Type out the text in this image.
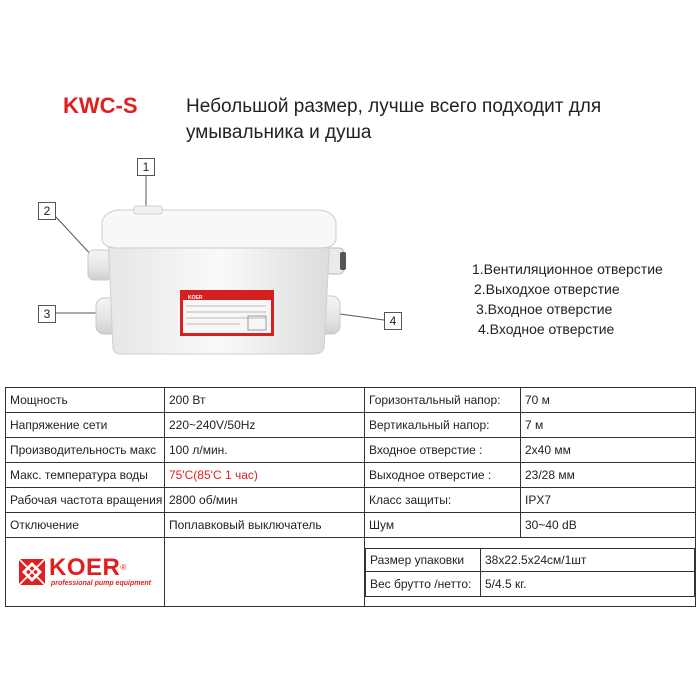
KWC-S	Небольшой размер, лучше всего подходит для
умывальника и душа
KOER
1
2
3	4
1.Вентиляционное отверстие
2.Выходхое отверстие
3.Входное отверстие
4.Входное отверстие
Мощность	200 Вт	Горизонтальный напор:	70 м
Напряжение сети	220~240V/50Hz	Вертикальный напор:	7 м
Производительность макс	100 л/мин.	Входное отверстие :	2x40 мм
Макс. температура воды	75'C(85'C 1 час)	Выходное отверстие :	23/28 мм
Рабочая частота вращения	2800 об/мин	Класс защиты:	IPX7
Отключение	Поплавковый выключатель	Шум	30~40 dB

KOER®
professional pump equipment

Размер упаковки	38x22.5x24см/1шт
Вес брутто /нетто:	5/4.5 кг.
